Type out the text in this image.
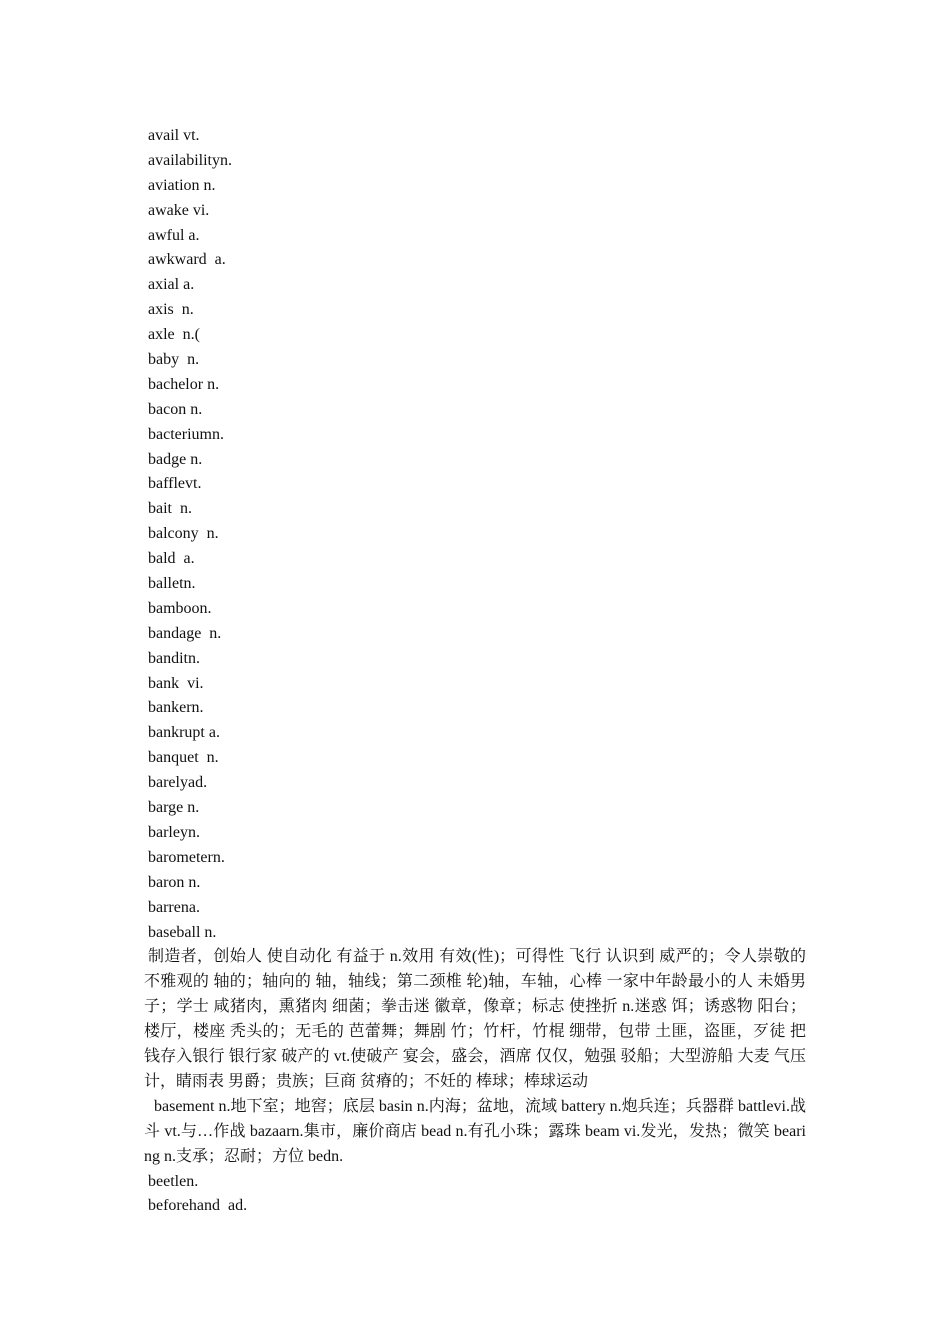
avail vt.
availabilityn.
aviation n.
awake vi.
awful a.
awkward  a.
axial a.
axis  n.
axle  n.(
baby  n.
bachelor n.
bacon n.
bacteriumn.
badge n.
bafflevt.
bait  n.
balcony  n.
bald  a.
balletn.
bamboon.
bandage  n.
banditn.
bank  vi.
bankern.
bankrupt a.
banquet  n.
barelyad.
barge n.
barleyn.
barometern.
baron n.
barrena.
baseball n.

制造者，创始人 使自动化 有益于 n.效用 有效(性)；可得性 飞行 认识到 威严的；令人崇敬的 不雅观的 轴的；轴向的 轴，轴线；第二颈椎 轮)轴，车轴，心棒 一家中年龄最小的人 未婚男子；学士 咸猪肉，熏猪肉 细菌；拳击迷 徽章，像章；标志 使挫折 n.迷惑 饵；诱惑物 阳台；楼厅，楼座 秃头的；无毛的 芭蕾舞；舞剧 竹；竹杆，竹棍 绷带，包带 土匪，盗匪，歹徒 把钱存入银行 银行家 破产的 vt.使破产 宴会，盛会，酒席 仅仅，勉强 驳船；大型游船 大麦 气压计，睛雨表 男爵；贵族；巨商 贫瘠的；不妊的 棒球；棒球运动

basement n.地下室；地窖；底层 basin n.内海；盆地，流域 battery n.炮兵连；兵器群 battlevi.战斗 vt.与…作战 bazaarn.集市，廉价商店 bead n.有孔小珠；露珠 beam vi.发光，发热；微笑 bearing n.支承；忍耐；方位 bedn.

beetlen.
beforehand  ad.
